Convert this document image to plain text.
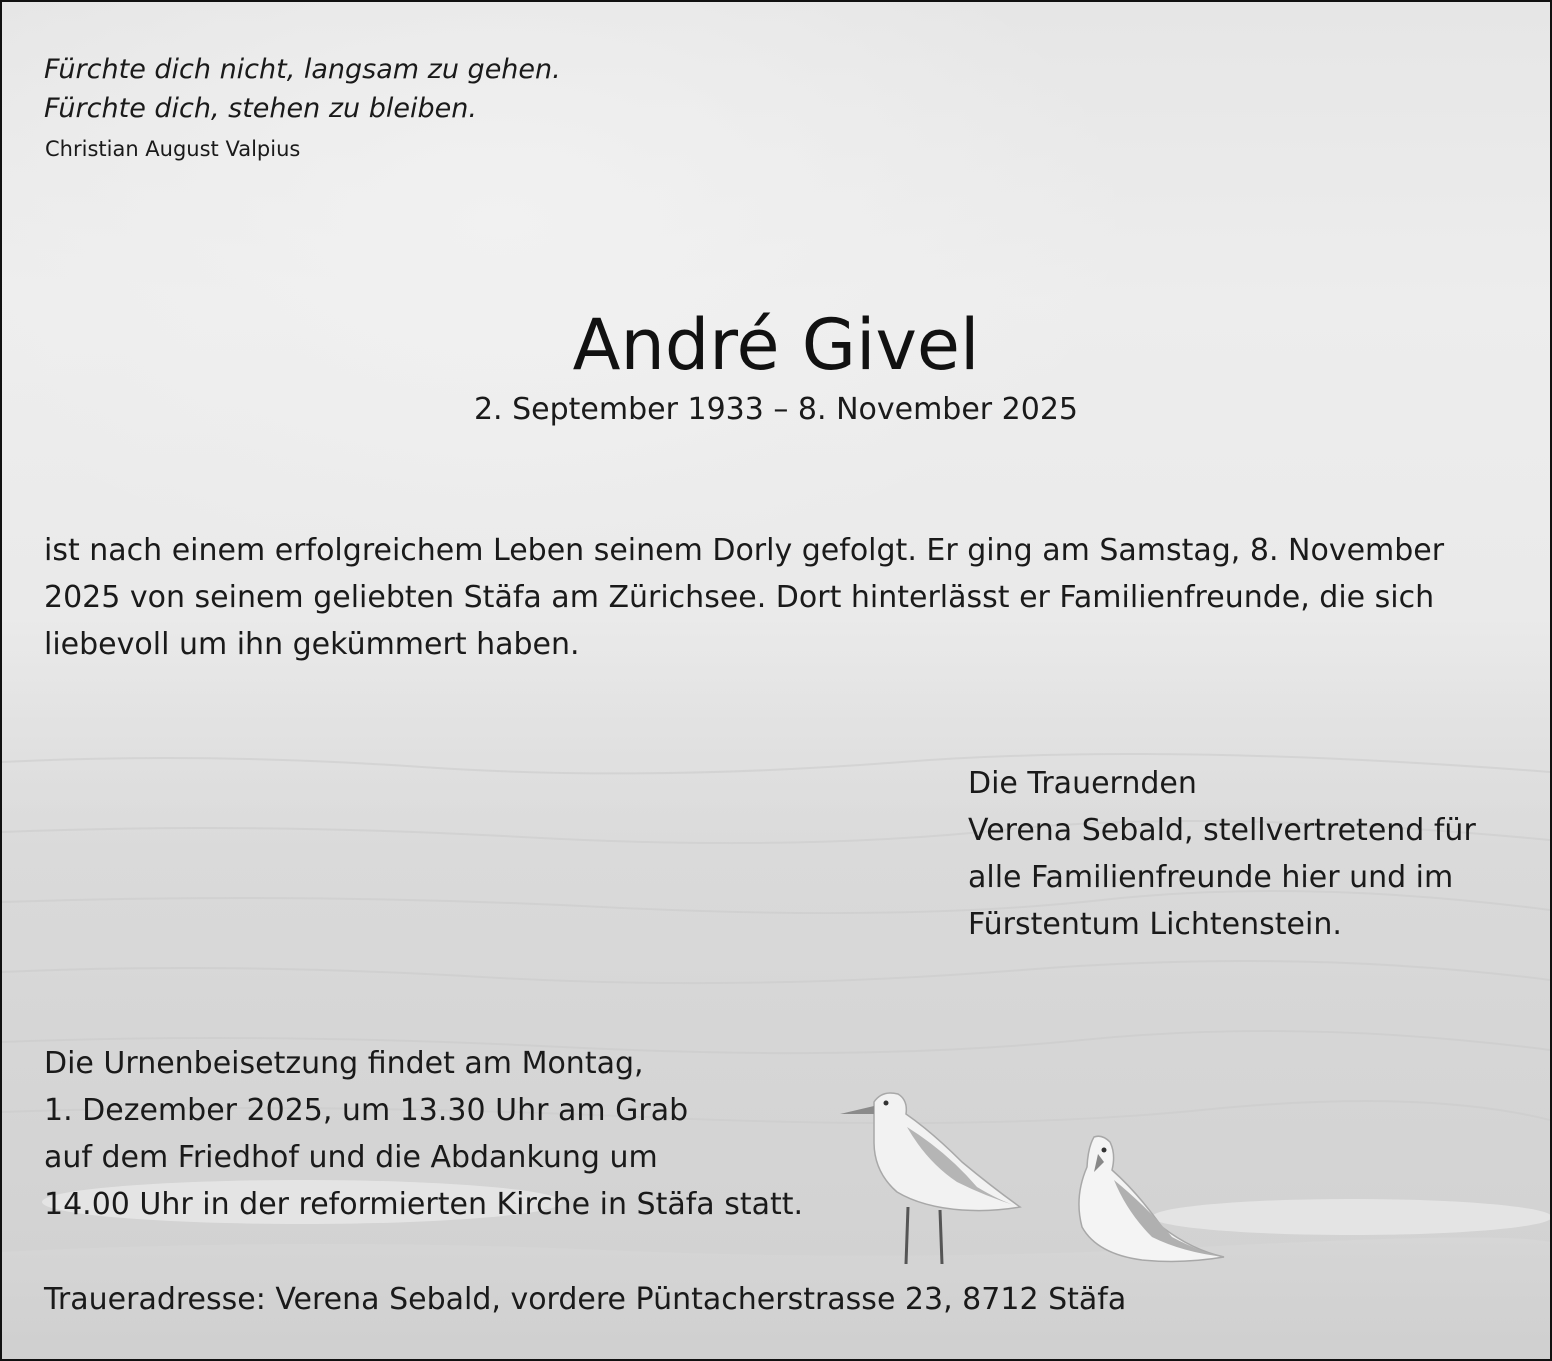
Fürchte dich nicht, langsam zu gehen.
Fürchte dich, stehen zu bleiben.

Christian August Valpius

André Givel

2. September 1933 – 8. November 2025

ist nach einem erfolgreichem Leben seinem Dorly gefolgt. Er ging am Samstag, 8. November
2025 von seinem geliebten Stäfa am Zürichsee. Dort hinterlässt er Familienfreunde, die sich
liebevoll um ihn gekümmert haben.

Die Trauernden
Verena Sebald, stellvertretend für
alle Familienfreunde hier und im
Fürstentum Lichtenstein.

Die Urnenbeisetzung findet am Montag,
1. Dezember 2025, um 13.30 Uhr am Grab
auf dem Friedhof und die Abdankung um
14.00 Uhr in der reformierten Kirche in Stäfa statt.

Traueradresse: Verena Sebald, vordere Püntacherstrasse 23, 8712 Stäfa
